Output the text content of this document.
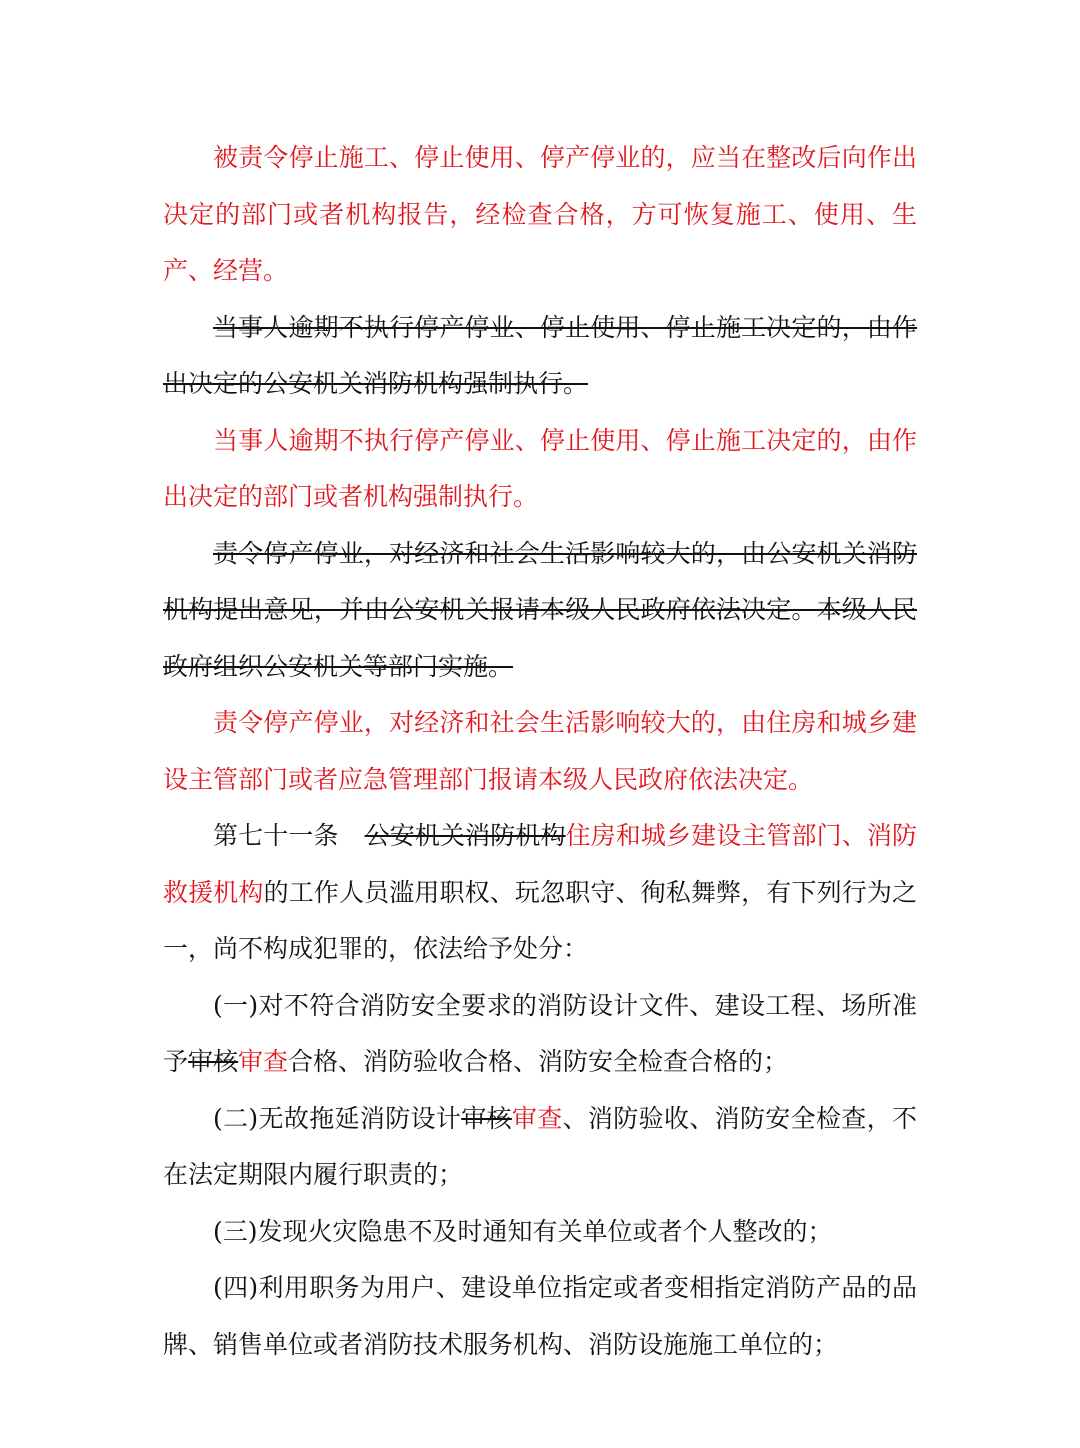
被责令停止施工、停止使用、停产停业的，应当在整改后向作出决定的部门或者机构报告，经检查合格，方可恢复施工、使用、生产、经营。

当事人逾期不执行停产停业、停止使用、停止施工决定的，由作出决定的公安机关消防机构强制执行。

当事人逾期不执行停产停业、停止使用、停止施工决定的，由作出决定的部门或者机构强制执行。

责令停产停业，对经济和社会生活影响较大的，由公安机关消防机构提出意见，并由公安机关报请本级人民政府依法决定。本级人民政府组织公安机关等部门实施。

责令停产停业，对经济和社会生活影响较大的，由住房和城乡建设主管部门或者应急管理部门报请本级人民政府依法决定。

第七十一条 公安机关消防机构住房和城乡建设主管部门、消防救援机构的工作人员滥用职权、玩忽职守、徇私舞弊，有下列行为之一，尚不构成犯罪的，依法给予处分：

(一)对不符合消防安全要求的消防设计文件、建设工程、场所准予审核审查合格、消防验收合格、消防安全检查合格的；

(二)无故拖延消防设计审核审查、消防验收、消防安全检查，不在法定期限内履行职责的；

(三)发现火灾隐患不及时通知有关单位或者个人整改的；

(四)利用职务为用户、建设单位指定或者变相指定消防产品的品牌、销售单位或者消防技术服务机构、消防设施施工单位的；
